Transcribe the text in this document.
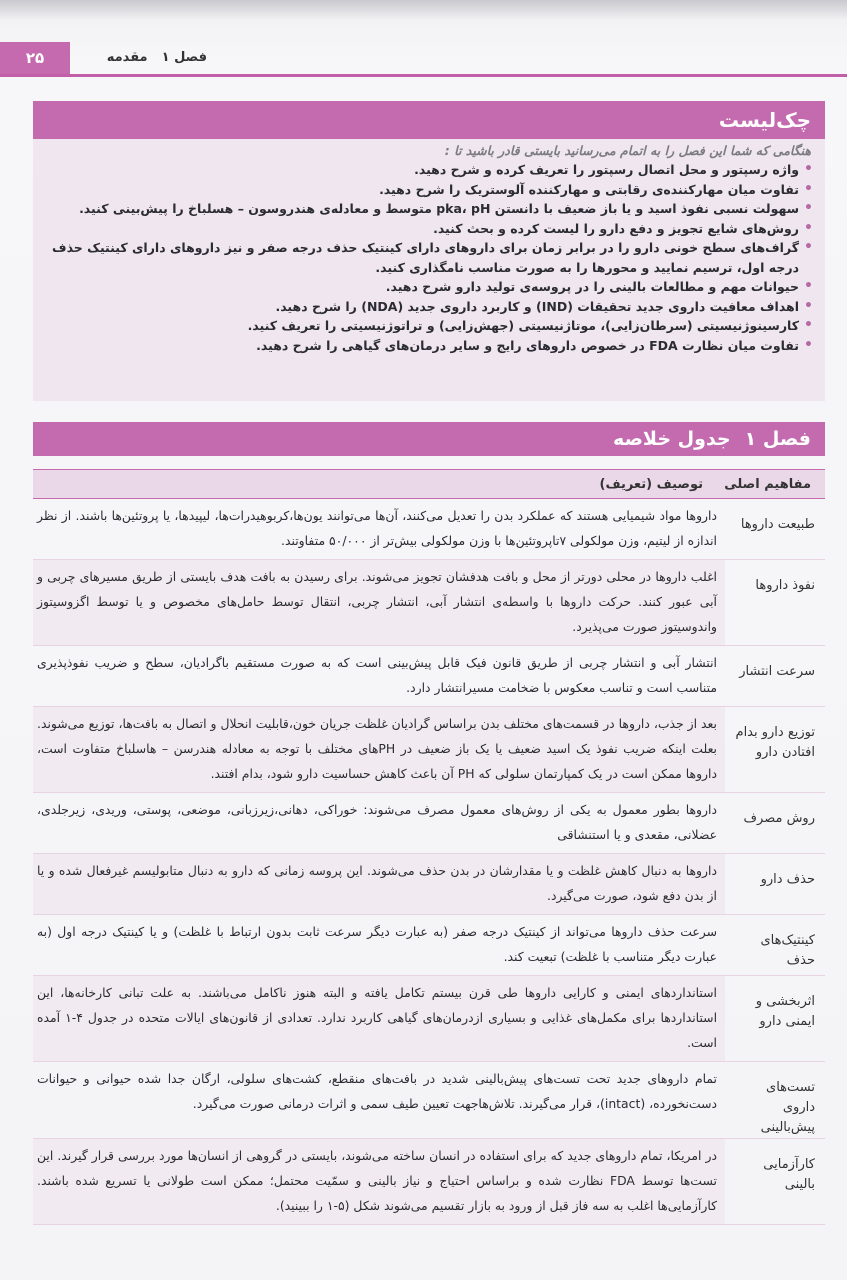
۲۵	فصل ۱مقدمه
چک‌لیست
هنگامی که شما این فصل را به اتمام می‌رسانید بایستی قادر باشید تا :
• واژه رسپتور و محل اتصال رسپتور را تعریف کرده و شرح دهید.
• تفاوت میان مهارکننده‌ی رقابتی و مهارکننده آلوستریک را شرح دهید.
• سهولت نسبی نفوذ اسید و یا باز ضعیف با دانستن pka، pH متوسط و معادله‌ی هندروسون – هسلباخ را پیش‌بینی کنید.
• روش‌های شایع تجویز و دفع دارو را لیست کرده و بحث کنید.
• گراف‌های سطح خونی دارو را در برابر زمان برای داروهای دارای کینتیک حذف درجه صفر و نیز داروهای دارای کینتیک حذف درجه اول، ترسیم نمایید و محورها را به صورت مناسب نامگذاری کنید.
• حیوانات مهم و مطالعات بالینی را در پروسه‌ی تولید دارو شرح دهید.
• اهداف معافیت داروی جدید تحقیقات (IND) و کاربرد داروی جدید (NDA) را شرح دهید.
• کارسینوژنیسیتی (سرطان‌زایی)، موتاژنیسیتی (جهش‌زایی) و تراتوژنیسیتی را تعریف کنید.
• تفاوت میان نظارت FDA در خصوص داروهای رایج و سایر درمان‌های گیاهی را شرح دهید.
فصل ۱
جدول خلاصه
مفاهیم اصلی
توصیف (تعریف)
طبیعت داروها
داروها مواد شیمیایی هستند که عملکرد بدن را تعدیل می‌کنند، آن‌ها می‌توانند یون‌ها،کربوهیدرات‌ها، لیپیدها، یا پروتئین‌ها باشند. از نظر اندازه از لیتیم، وزن مولکولی ۷تاپروتئین‌ها با وزن مولکولی بیش‌تر از ۵۰/۰۰۰ متفاوتند.
نفوذ داروها
اغلب داروها در محلی دورتر از محل و بافت هدفشان تجویز می‌شوند. برای رسیدن به بافت هدف بایستی از طریق مسیرهای چربی و آبی عبور کنند. حرکت داروها با واسطه‌ی انتشار آبی، انتشار چربی، انتقال توسط حامل‌های مخصوص و یا توسط اگزوسیتوز واندوسیتوز صورت می‌پذیرد.
سرعت انتشار
انتشار آبی و انتشار چربی از طریق قانون فیک قابل پیش‌بینی است که به صورت مستقیم باگرادیان، سطح و ضریب نفوذپذیری متناسب است و تناسب معکوس با ضخامت مسیرانتشار دارد.
توزیع دارو بدام افتادن دارو
بعد از جذب، داروها در قسمت‌های مختلف بدن براساس گرادیان غلظت جریان خون،قابلیت انحلال و اتصال به بافت‌ها، توزیع می‌شوند. بعلت اینکه ضریب نفوذ یک اسید ضعیف یا یک باز ضعیف در PHهای مختلف با توجه به معادله هندرسن – هاسلباخ متفاوت است، داروها ممکن است در یک کمپارتمان سلولی که PH آن باعث کاهش حساسیت دارو شود، بدام افتند.
روش مصرف
داروها بطور معمول به یکی از روش‌های معمول مصرف می‌شوند: خوراکی، دهانی،زیرزبانی، موضعی، پوستی، وریدی، زیرجلدی، عضلانی، مقعدی و یا استنشاقی
حذف دارو
داروها به دنبال کاهش غلظت و یا مقدارشان در بدن حذف می‌شوند. این پروسه زمانی که دارو به دنبال متابولیسم غیرفعال شده و یا از بدن دفع شود، صورت می‌گیرد.
کینتیک‌های حذف
سرعت حذف داروها می‌تواند از کینتیک درجه صفر (به عبارت دیگر سرعت ثابت بدون ارتباط با غلظت) و یا کینتیک درجه اول (به عبارت دیگر متناسب با غلظت) تبعیت کند.
اثربخشی و ایمنی دارو
استانداردهای ایمنی و کارایی داروها طی قرن بیستم تکامل یافته و البته هنوز ناکامل می‌باشند. به علت تبانی کارخانه‌ها، این استانداردها برای مکمل‌های غذایی و بسیاری ازدرمان‌های گیاهی کاربرد ندارد. تعدادی از قانون‌های ایالات متحده در جدول ۴-۱ آمده است.
تست‌های داروی پیش‌بالینی
تمام داروهای جدید تحت تست‌های پیش‌بالینی شدید در بافت‌های منقطع، کشت‌های سلولی، ارگان جدا شده حیوانی و حیوانات دست‌نخورده، (intact)، قرار می‌گیرند. تلاش‌هاجهت تعیین طیف سمی و اثرات درمانی صورت می‌گیرد.
کارآزمایی بالینی
در امریکا، تمام داروهای جدید که برای استفاده در انسان ساخته می‌شوند، بایستی در گروهی از انسان‌ها مورد بررسی قرار گیرند. این تست‌ها توسط FDA نظارت شده و براساس احتیاج و نیاز بالینی و سمّیت محتمل؛ ممکن است طولانی یا تسریع شده باشند. کارآزمایی‌ها اغلب به سه فاز قبل از ورود به بازار تقسیم می‌شوند شکل (۵-۱ را ببینید).
